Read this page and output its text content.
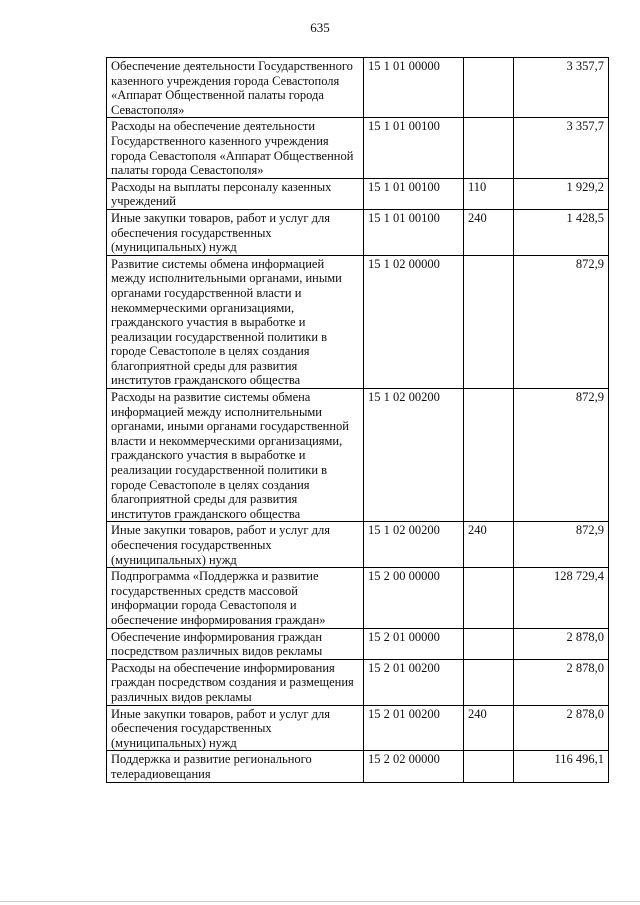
635
Обеспечение деятельности Государственного казенного учреждения города Севастополя «Аппарат Общественной палаты города Севастополя»	15 1 01 00000		3 357,7
Расходы на обеспечение деятельности Государственного казенного учреждения города Севастополя «Аппарат Общественной палаты города Севастополя»	15 1 01 00100		3 357,7
Расходы на выплаты персоналу казенных учреждений	15 1 01 00100	110	1 929,2
Иные закупки товаров, работ и услуг для обеспечения государственных (муниципальных) нужд	15 1 01 00100	240	1 428,5
Развитие системы обмена информацией между исполнительными органами, иными органами государственной власти и некоммерческими организациями, гражданского участия в выработке и реализации государственной политики в городе Севастополе в целях создания благоприятной среды для развития институтов гражданского общества	15 1 02 00000		872,9
Расходы на развитие системы обмена информацией между исполнительными органами, иными органами государственной власти и некоммерческими организациями, гражданского участия в выработке и реализации государственной политики в городе Севастополе в целях создания благоприятной среды для развития институтов гражданского общества	15 1 02 00200		872,9
Иные закупки товаров, работ и услуг для обеспечения государственных (муниципальных) нужд	15 1 02 00200	240	872,9
Подпрограмма «Поддержка и развитие государственных средств массовой информации города Севастополя и обеспечение информирования граждан»	15 2 00 00000		128 729,4
Обеспечение информирования граждан посредством различных видов рекламы	15 2 01 00000		2 878,0
Расходы на обеспечение информирования граждан посредством создания и размещения различных видов рекламы	15 2 01 00200		2 878,0
Иные закупки товаров, работ и услуг для обеспечения государственных (муниципальных) нужд	15 2 01 00200	240	2 878,0
Поддержка и развитие регионального телерадиовещания	15 2 02 00000		116 496,1
